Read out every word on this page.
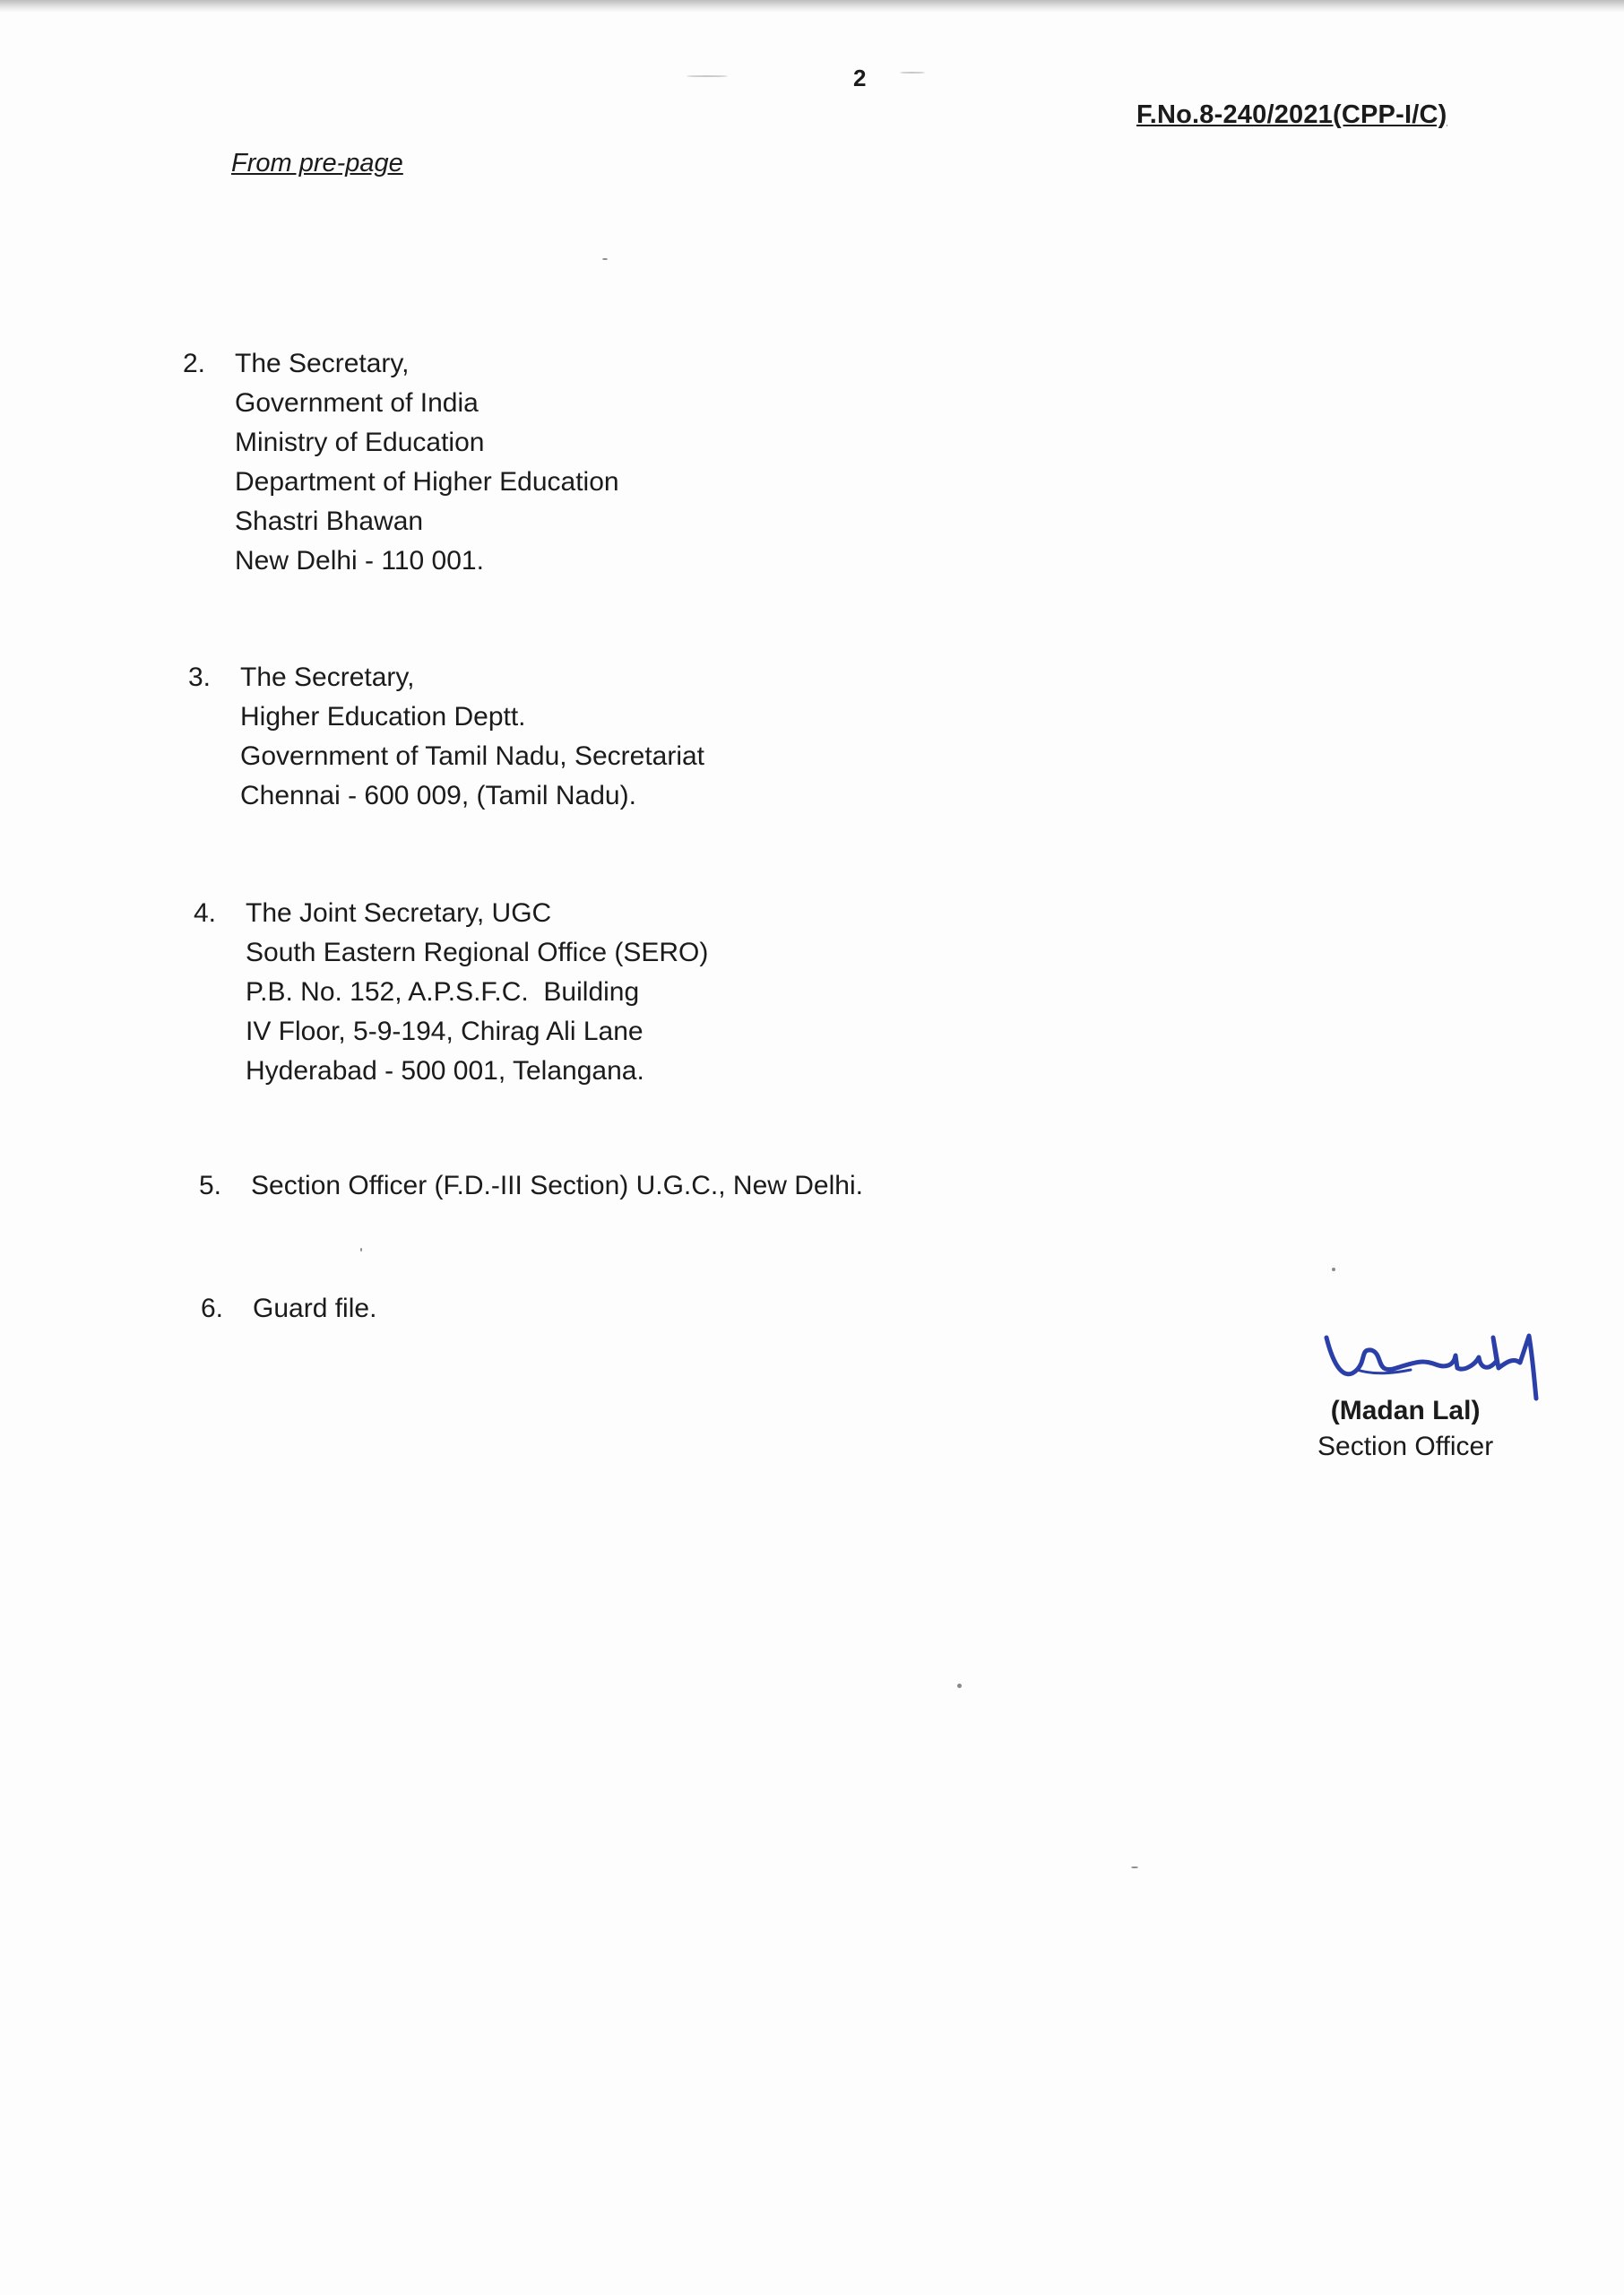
2
F.No.8-240/2021(CPP-I/C)
From pre-page
2. The Secretary,
Government of India
Ministry of Education
Department of Higher Education
Shastri Bhawan
New Delhi - 110 001.
3. The Secretary,
Higher Education Deptt.
Government of Tamil Nadu, Secretariat
Chennai - 600 009, (Tamil Nadu).
4. The Joint Secretary, UGC
South Eastern Regional Office (SERO)
P.B. No. 152, A.P.S.F.C.  Building
IV Floor, 5-9-194, Chirag Ali Lane
Hyderabad - 500 001, Telangana.
5. Section Officer (F.D.-III Section) U.G.C., New Delhi.
6. Guard file.
(Madan Lal)
Section Officer
